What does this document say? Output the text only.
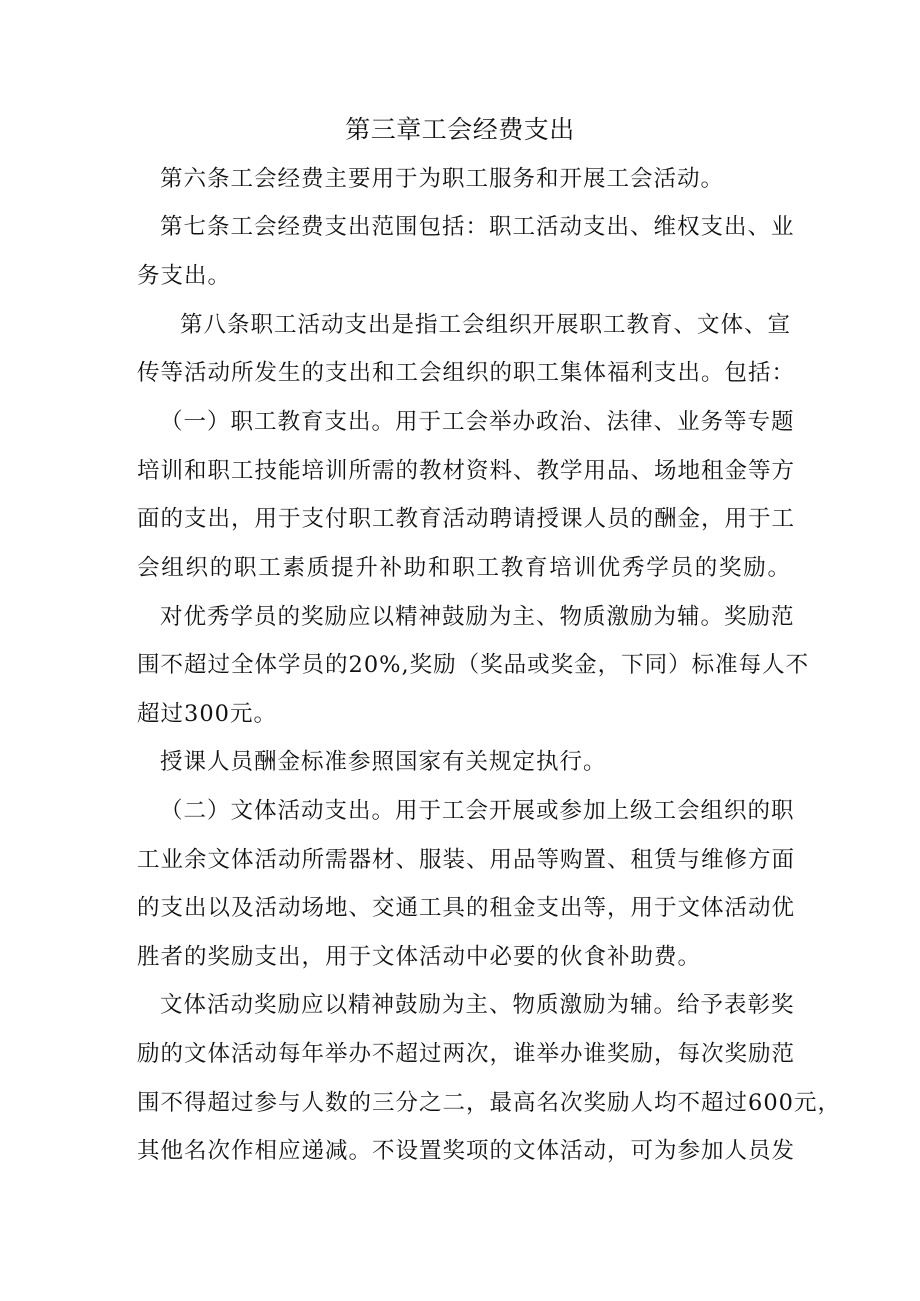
第三章工会经费支出
第六条工会经费主要用于为职工服务和开展工会活动。
第七条工会经费支出范围包括：职工活动支出、维权支出、业
务支出。
第八条职工活动支出是指工会组织开展职工教育、文体、宣
传等活动所发生的支出和工会组织的职工集体福利支出。包括：
（一）职工教育支出。用于工会举办政治、法律、业务等专题
培训和职工技能培训所需的教材资料、教学用品、场地租金等方
面的支出，用于支付职工教育活动聘请授课人员的酬金，用于工
会组织的职工素质提升补助和职工教育培训优秀学员的奖励。
对优秀学员的奖励应以精神鼓励为主、物质激励为辅。奖励范
围不超过全体学员的20%,奖励（奖品或奖金，下同）标准每人不
超过300元。
授课人员酬金标准参照国家有关规定执行。
（二）文体活动支出。用于工会开展或参加上级工会组织的职
工业余文体活动所需器材、服装、用品等购置、租赁与维修方面
的支出以及活动场地、交通工具的租金支出等，用于文体活动优
胜者的奖励支出，用于文体活动中必要的伙食补助费。
文体活动奖励应以精神鼓励为主、物质激励为辅。给予表彰奖
励的文体活动每年举办不超过两次，谁举办谁奖励，每次奖励范
围不得超过参与人数的三分之二，最高名次奖励人均不超过600元，
其他名次作相应递减。不设置奖项的文体活动，可为参加人员发
